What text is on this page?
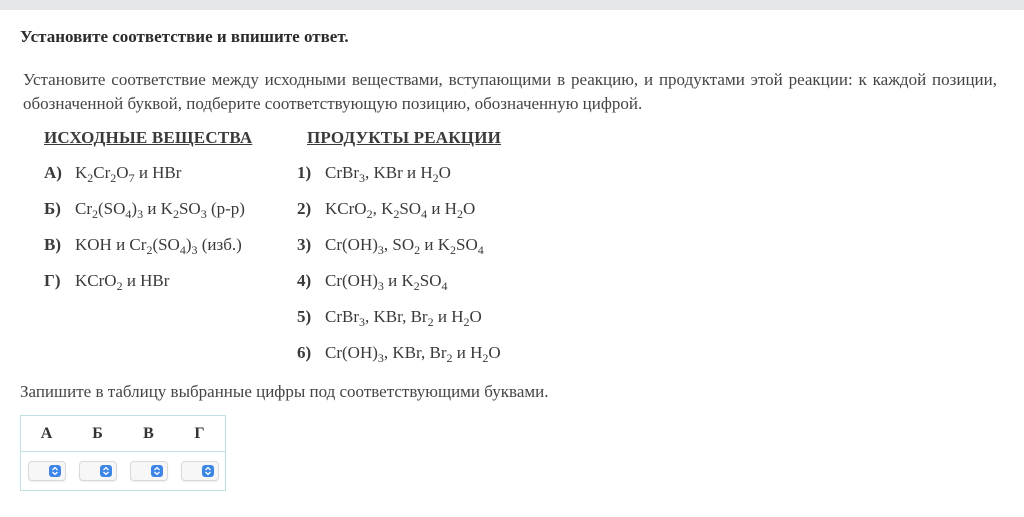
Установите соответствие и впишите ответ.
Установите соответствие между исходными веществами, вступающими в реакцию, и продуктами этой реакции: к каждой позиции, обозначенной буквой, подберите соответствующую позицию, обозначенную цифрой.
ИСХОДНЫЕ ВЕЩЕСТВА	ПРОДУКТЫ РЕАКЦИИ
А) $K_2Cr_2O_7$ и HBr
Б) $Cr_2(SO_4)_3$ и $K_2SO_3$ (р-р)
В) KOH и $Cr_2(SO_4)_3$ (изб.)
Г) KCrO$_2$ и HBr
1) CrBr$_3$, KBr и $H_2O$
2) KCrO$_2$, $K_2SO_4$ и $H_2O$
3) $Cr(OH)_3$, $SO_2$ и $K_2SO_4$
4) $Cr(OH)_3$ и $K_2SO_4$
5) CrBr$_3$, KBr, $Br_2$ и $H_2O$
6) $Cr(OH)_3$, KBr, $Br_2$ и $H_2O$
Запишите в таблицу выбранные цифры под соответствующими буквами.
А	Б	В	Г
